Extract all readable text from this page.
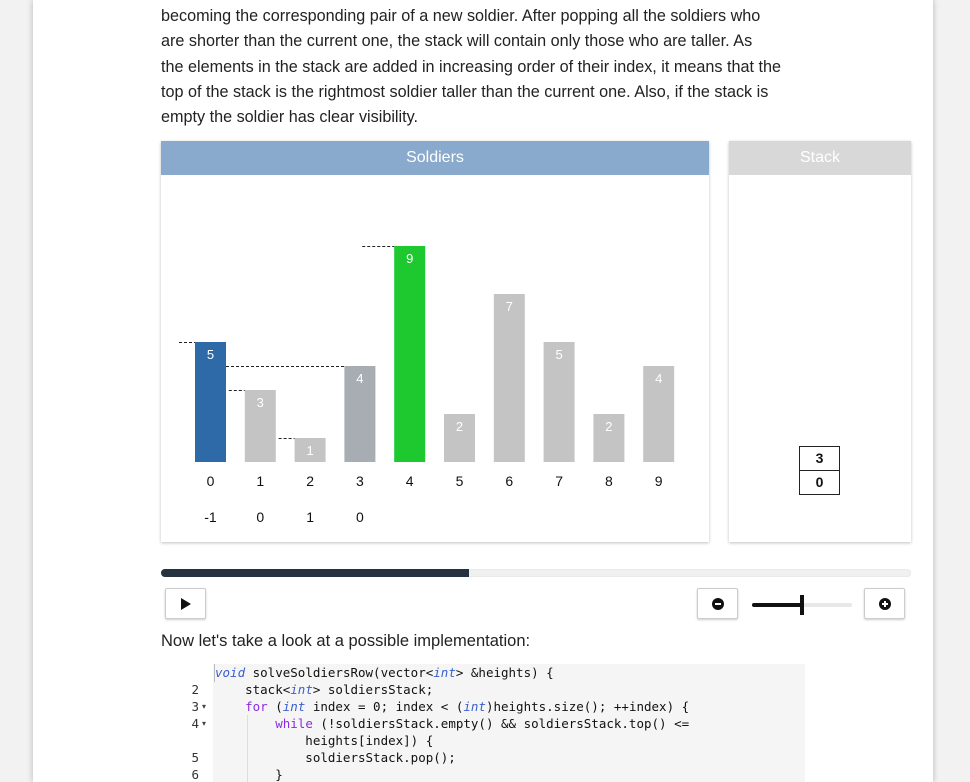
becoming the corresponding pair of a new soldier. After popping all the soldiers who

are shorter than the current one, the stack will contain only those who are taller. As

the elements in the stack are added in increasing order of their index, it means that the

top of the stack is the rightmost soldier taller than the current one. Also, if the stack is

empty the soldier has clear visibility.

Soldiers
5
0
3
1
1
2
4
3
9
4
2
5
7
6
5
7
2
8
4
9
-1	0	1	0
Stack
3
0
Now let's take a look at a possible implementation:
2
3 ▾
4 ▾
5
6
void solveSoldiersRow(vector<int> &heights) {
stack<int> soldiersStack;
for (int index = 0; index < (int)heights.size(); ++index) {
while (!soldiersStack.empty() && soldiersStack.top() <=
heights[index]) {
soldiersStack.pop();
}
